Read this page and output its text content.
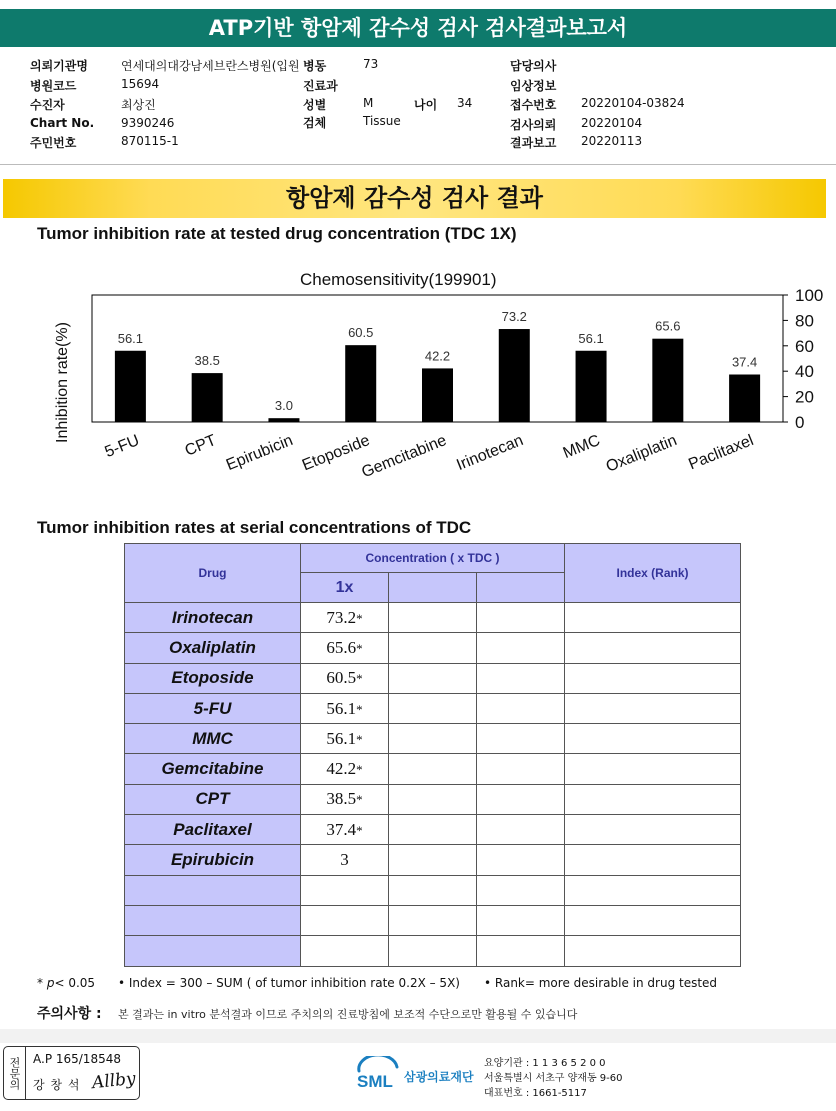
ATP기반 항암제 감수성 검사 검사결과보고서
의뢰기관명	연세대의대강남세브란스병원(입원 병동	73	담당의사
병원코드	15694	진료과	임상정보
수진자	최상진	성별	M	나이 34	접수번호 20220104-03824
Chart No. 9390246	검체	Tissue	검사의뢰 20220104
주민번호	870115-1	결과보고 20220113
항암제 감수성 검사 결과
Tumor inhibition rate at tested drug concentration (TDC 1X)
0
20
40
60
80
100
Chemosensitivity(199901)
Inhibition rate(%)	56.1
5-FU
38.5
CPT
3.0
Epirubicin
60.5
Etoposide
42.2
Gemcitabine
73.2
Irinotecan
56.1
MMC
65.6
Oxaliplatin
37.4
Paclitaxel
Tumor inhibition rates at serial concentrations of TDC
Drug	Concentration ( x TDC )			Index (Rank)
	1x			
Irinotecan	73.2*			
Oxaliplatin	65.6*			
Etoposide	60.5*			
5-FU	56.1*			
MMC	56.1*			
Gemcitabine	42.2*			
CPT	38.5*			
Paclitaxel	37.4*			
Epirubicin	3			

* p< 0.05 • Index = 300 – SUM ( of tumor inhibition rate 0.2X – 5X) • Rank= more desirable in drug tested
주의사항 : 본 결과는 in vitro 분석결과 이므로 주치의의 진료방침에 보조적 수단으로만 활용될 수 있습니다
전문의	A.P 165/18548
강 창 석 Allby	SML 삼광의료재단
요양기관 : 1 1 3 6 5 2 0 0
서울특별시 서초구 양재동 9-60
대표번호 : 1661-5117
